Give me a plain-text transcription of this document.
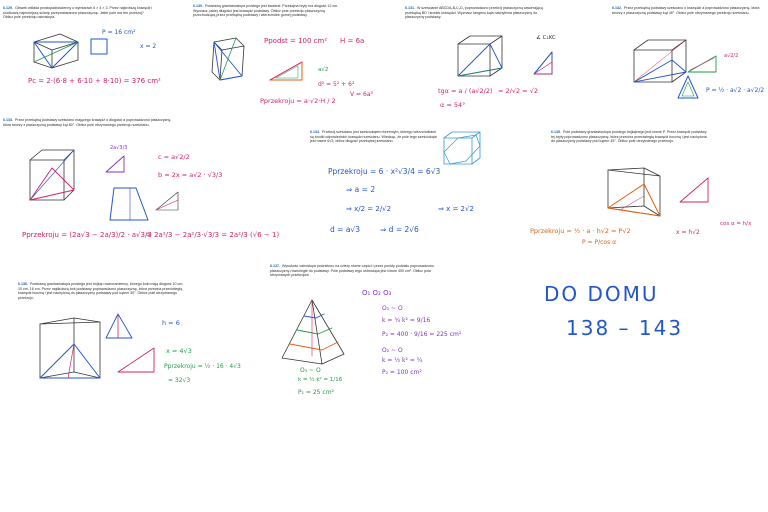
6.129. Ołówek wkłada prostopadłościenny o wymiarach 6 × 4 × 3. Przez najkrótszą krawędź i środkową najmniejszą ścianę przeprowadzono płaszczyznę. Jakie pole ma ten przekrój? Oblicz pole przekroju ostrosłupa.
P = 16 cm²
x = 2
Pc = 2·(6·8 + 6·10 + 8·10) = 376 cm²
6.130. Podstawą graniastosłupa prostego jest kwadrat. Przekątna bryły ma długość 12 cm. Wyznacz, jakiej długości jest krawędź podstawy. Oblicz pole przekroju płaszczyzną przechodzącą przez przekątną podstawy i wierzchołek górnej podstawy.
Ppodst = 100 cm² H = 6a
d² = 5² + 6²
a√2
V = 6a³
Pprzekroju = a·√2·H / 2
6.131. W sześcianie ABCDA₁B₁C₁D₁ poprowadzono przekrój płaszczyzną zawierającą przekątną BD i środek krawędzi. Wyznacz tangens kąta nachylenia płaszczyzny do płaszczyzny podstawy.
∡ C₁KC
tgα = a / (a√2/2) = 2/√2 = √2
α = 54°
6.132. Przez przekątną podstawy sześcianu o krawędzi a poprowadzono płaszczyznę, która tworzy z płaszczyzną podstawy kąt 45°. Oblicz pole otrzymanego przekroju sześcianu.
a√2/2
P = ½ · a√2 · a√2/2
6.133. Przez przekątną podstawy sześcianu mającego krawędź o długości a poprowadzono płaszczyznę, która tworzy z płaszczyzną podstawy kąt 60°. Oblicz pole otrzymanego przekroju sześcianu.
2a√3/3
c = a√2/2
b = 2x = a√2 · √3/3
Pprzekroju = (2a√3 − 2a/3)/2 · a√3/3
= 2a²/3 − 2a²/3·√3/3 = 2a²/3 (√6 − 1)
6.134. Przekrój sześcianu jest sześciokątem foremnym, którego wierzchołkami są środki odpowiednich krawędzi sześcianu. Wiedząc, że pole tego sześciokąta jest równe 6√3, oblicz długość przekątnej sześcianu.
Pprzekroju = 6 · x²√3/4 = 6√3
⇒ a = 2
⇒ x/2 = 2/√2	⇒ x = 2√2
d = a√3	⇒ d = 2√6
6.135. Pole podstawy graniastosłupa prostego trójkątnego jest równe P. Przez krawędź podstawy tej bryły poprowadzono płaszczyznę, która przecina przeciwległą krawędź boczną i jest nachylona do płaszczyzny podstawy pod kątem 45°. Oblicz pole otrzymanego przekroju.
Pprzekroju = ½ · a · h√2 = P√2
P = P/cos α
x = h√2
cos α = h/x
6.136. Podstawą graniastosłupa prostego jest trójkąt równoramienny, którego boki mają długość 10 cm, 10 cm, 16 cm. Przez najdłuższą bok podstawy poprowadzono płaszczyznę, która przecina przeciwległą krawędź boczną i jest nachyloną do płaszczyzny podstawy pod kątem 30°. Oblicz pole otrzymanego przekroju.
h = 6
x = 4√3
Pprzekroju = ½ · 16 · 4√3
= 32√3
6.137. Wysokość ostrosłupa podzielono na cztery równe części i przez punkty podziału poprowadzono płaszczyzny równoległe do podstawy. Pole podstawy tego ostrosłupa jest równe 400 cm². Oblicz pola otrzymanych przekrojów.
O₁ O₂ O₃
O₁ ~ O
k = ¾ k² = 9/16
P₂ = 400 · 9/16 = 225 cm²
O₂ ~ O
k = ½ k² = ¼
P₂ = 100 cm²
O₃ ~ O
k = ¼ k² = 1/16
P₁ = 25 cm²
DO DOMU
138 – 143
